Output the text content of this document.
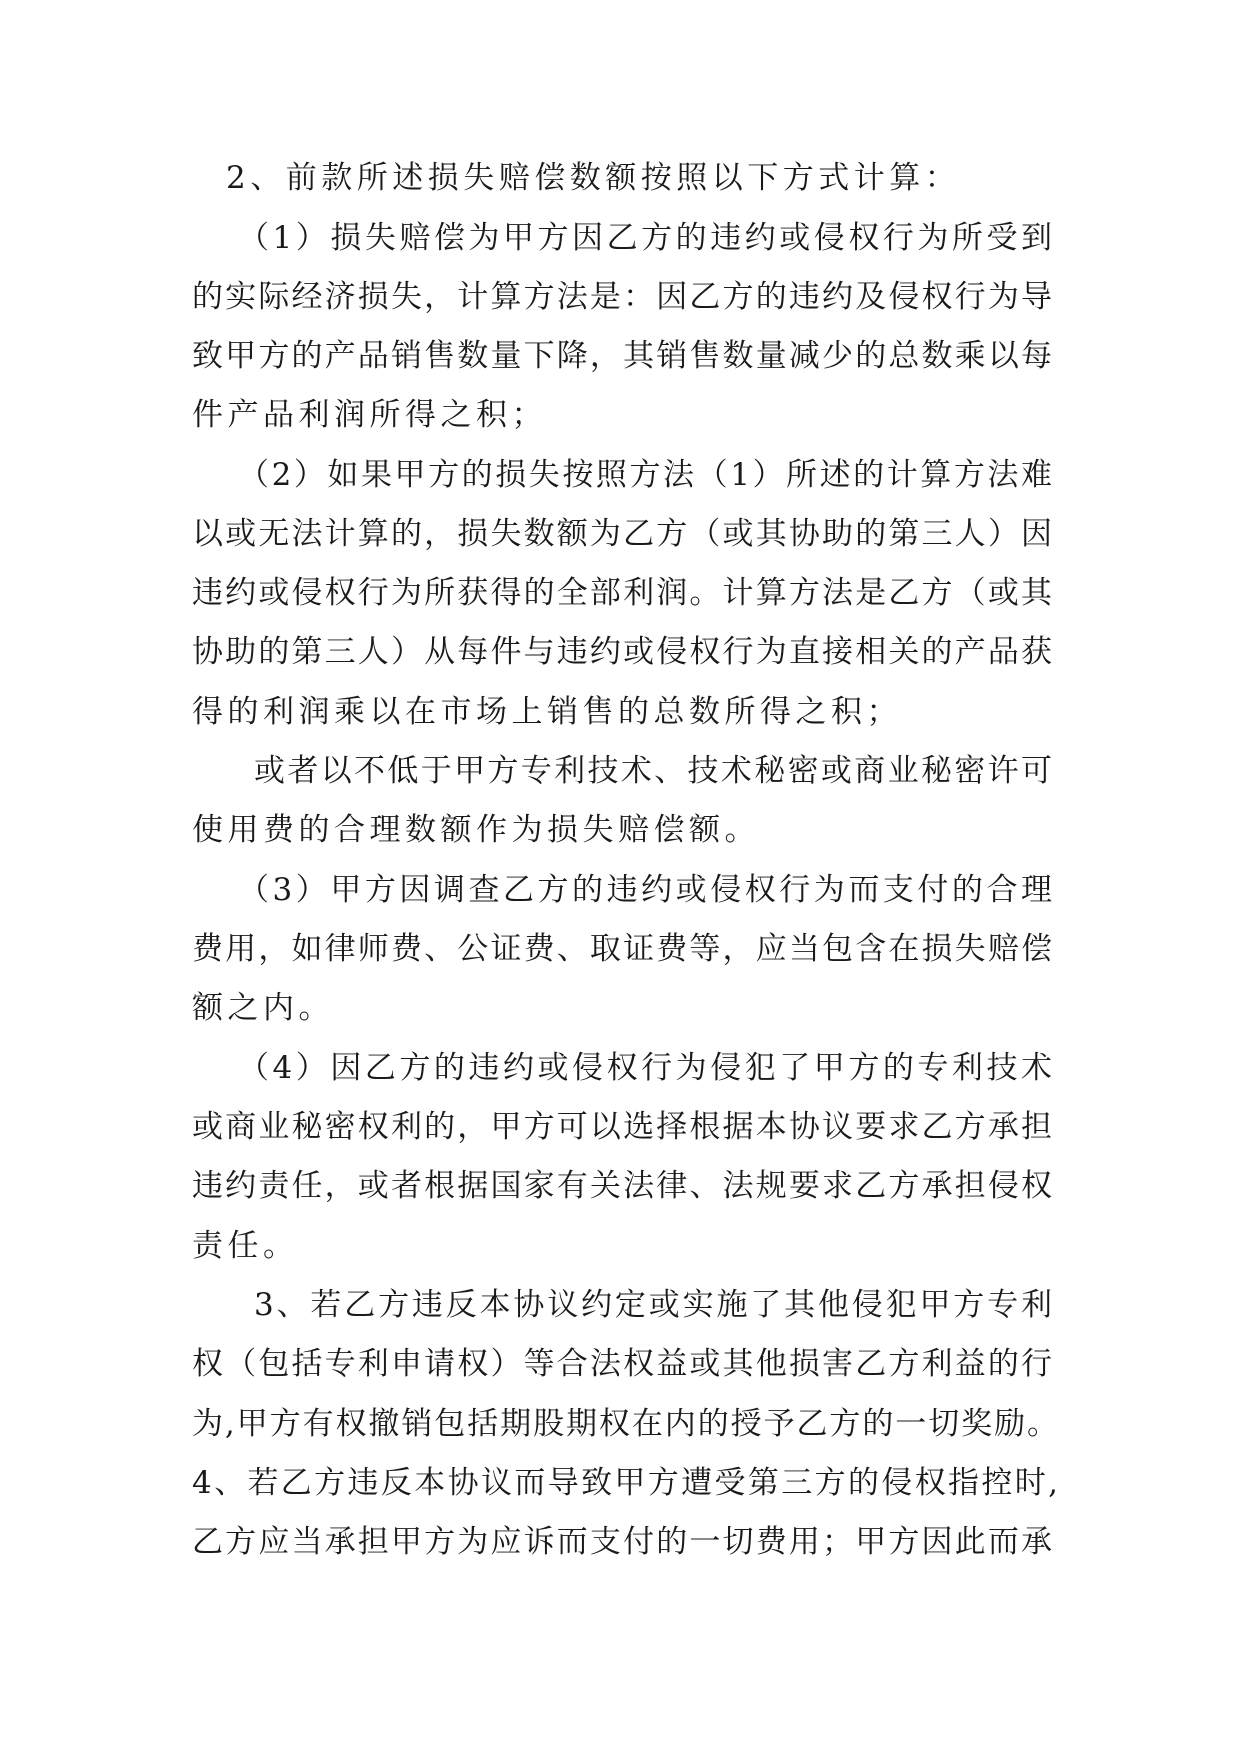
2、前款所述损失赔偿数额按照以下方式计算：
（1）损失赔偿为甲方因乙方的违约或侵权行为所受到
的实际经济损失，计算方法是：因乙方的违约及侵权行为导
致甲方的产品销售数量下降，其销售数量减少的总数乘以每
件产品利润所得之积；
（2）如果甲方的损失按照方法（1）所述的计算方法难
以或无法计算的，损失数额为乙方（或其协助的第三人）因
违约或侵权行为所获得的全部利润。计算方法是乙方（或其
协助的第三人）从每件与违约或侵权行为直接相关的产品获
得的利润乘以在市场上销售的总数所得之积；
或者以不低于甲方专利技术、技术秘密或商业秘密许可
使用费的合理数额作为损失赔偿额。
（3）甲方因调查乙方的违约或侵权行为而支付的合理
费用，如律师费、公证费、取证费等，应当包含在损失赔偿
额之内。
（4）因乙方的违约或侵权行为侵犯了甲方的专利技术
或商业秘密权利的，甲方可以选择根据本协议要求乙方承担
违约责任，或者根据国家有关法律、法规要求乙方承担侵权
责任。
3、若乙方违反本协议约定或实施了其他侵犯甲方专利
权（包括专利申请权）等合法权益或其他损害乙方利益的行
为,甲方有权撤销包括期股期权在内的授予乙方的一切奖励。
4、若乙方违反本协议而导致甲方遭受第三方的侵权指控时,
乙方应当承担甲方为应诉而支付的一切费用；甲方因此而承
